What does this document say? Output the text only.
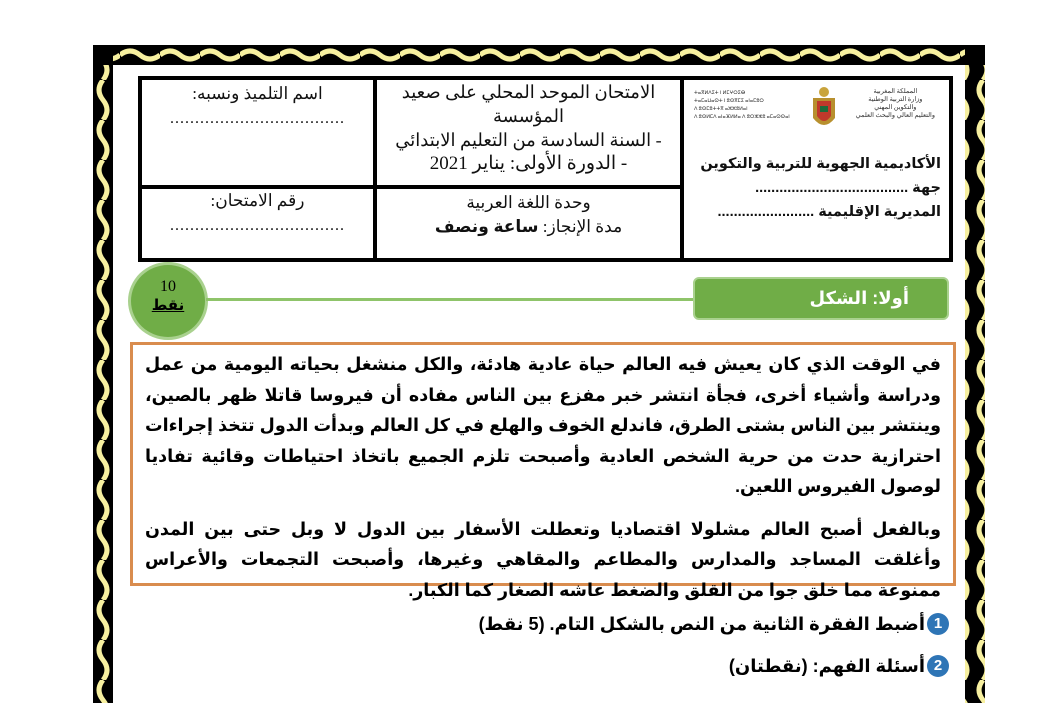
اسم التلميذ ونسبه:
...................................
رقم الامتحان:
...................................
الامتحان الموحد المحلي على صعيد
المؤسسة
- السنة السادسة من التعليم الابتدائي
- الدورة الأولى: يناير 2021
وحدة اللغة العربية
مدة الإنجاز: ساعة ونصف
المملكة المغربية
وزارة التربية الوطنية
والتكوين المهني
والتعليم العالي والبحث العلمي
ⵜⴰⴳⵍⴷⵉⵜ ⵏ ⵍⵎⵖⵔⵉⴱ
ⵜⴰⵎⴰⵡⴰⵙⵜ ⵏ ⵓⵙⴳⵎⵉ ⴰⵏⴰⵎⵓⵔ
ⴷ ⵓⵙⵎⵓⵜⵜⴳ ⴰⵣⵣⵓⵍⴰⵏ
ⴷ ⵓⵙⵍⵎⴷ ⴰⵏⴰⴼⵍⵍⴰ ⴷ ⵓⵔⵣⵣⵓ ⴰⵎⴰⵙⵙⴰⵏ
الأكاديمية الجهوية للتربية والتكوين
جهة ......................................
المديرية الإقليمية ........................
10
نقط	أولا: الشكل

في الوقت الذي كان يعيش فيه العالم حياة عادية هادئة، والكل منشغل بحياته اليومية من عمل ودراسة وأشياء أخرى، فجأة انتشر خبر مفزع بين الناس مفاده أن فيروسا قاتلا ظهر بالصين، وينتشر بين الناس بشتى الطرق، فاندلع الخوف والهلع في كل العالم وبدأت الدول تتخذ إجراءات احترازية حدت من حرية الشخص العادية وأصبحت تلزم الجميع باتخاذ احتياطات وقائية تفاديا لوصول الفيروس اللعين.

وبالفعل أصبح العالم مشلولا اقتصاديا وتعطلت الأسفار بين الدول لا وبل حتى بين المدن وأغلقت المساجد والمدارس والمطاعم والمقاهي وغيرها، وأصبحت التجمعات والأعراس ممنوعة مما خلق جوا من القلق والضغط عاشه الصغار كما الكبار.

1
أضبط الفقرة الثانية من النص بالشكل التام. (5 نقط)
2
أسئلة الفهم: (نقطتان)
